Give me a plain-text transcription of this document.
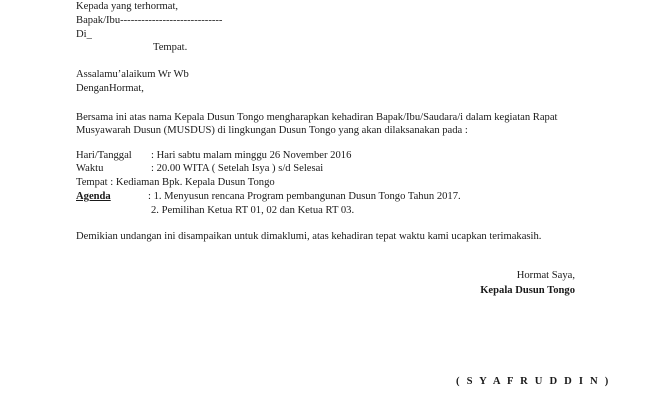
Kepada yang terhormat,
Bapak/Ibu-----------------------------
Di_
Tempat.
Assalamu’alaikum Wr Wb
DenganHormat,
Bersama ini atas nama Kepala Dusun Tongo mengharapkan kehadiran Bapak/Ibu/Saudara/i dalam kegiatan Rapat
Musyawarah Dusun (MUSDUS) di lingkungan Dusun Tongo yang akan dilaksanakan pada :
Hari/Tanggal : Hari sabtu malam minggu 26 November 2016
Waktu	: 20.00 WITA ( Setelah Isya ) s/d Selesai
Tempat : Kediaman Bpk. Kepala Dusun Tongo
Agenda	: 1. Menyusun rencana Program pembangunan Dusun Tongo Tahun 2017.
2. Pemilihan Ketua RT 01, 02 dan Ketua RT 03.
Demikian undangan ini disampaikan untuk dimaklumi, atas kehadiran tepat waktu kami ucapkan terimakasih.
Hormat Saya,
Kepala Dusun Tongo
( S Y A F R U D D I N )
